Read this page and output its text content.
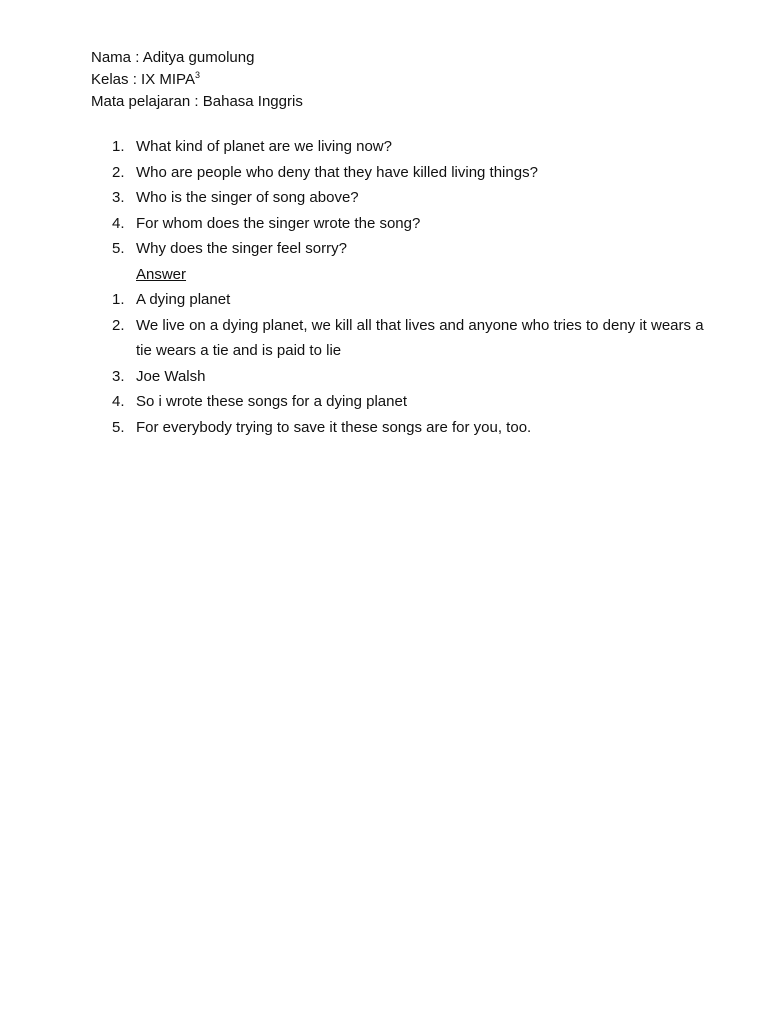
Nama : Aditya gumolung
Kelas : IX MIPA$^3$
Mata pelajaran : Bahasa Inggris
1. What kind of planet are we living now?
2. Who are people who deny that they have killed living things?
3. Who is the singer of song above?
4. For whom does the singer wrote the song?
5. Why does the singer feel sorry?
Answer
1. A dying planet
2. We live on a dying planet, we kill all that lives and anyone who tries to deny it wears a tie wears a tie and is paid to lie
3. Joe Walsh
4. So i wrote these songs for a dying planet
5. For everybody trying to save it these songs are for you, too.
